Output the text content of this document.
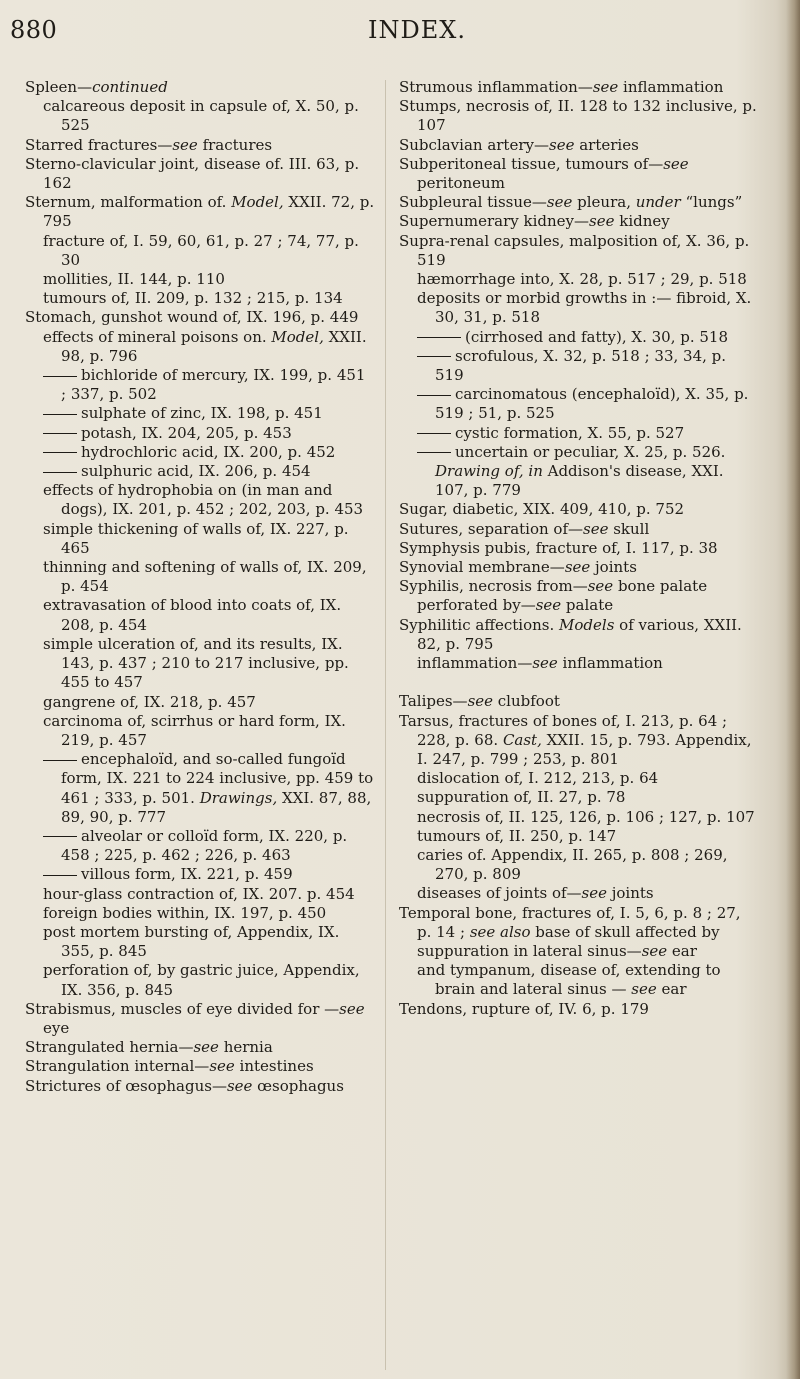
880	INDEX.

Spleen—continued

calcareous deposit in capsule of, X. 50, p. 525

Starred fractures—see fractures

Sterno-clavicular joint, disease of. III. 63, p. 162

Sternum, malformation of. Model, XXII. 72, p. 795

fracture of, I. 59, 60, 61, p. 27 ; 74, 77, p. 30

mollities, II. 144, p. 110

tumours of, II. 209, p. 132 ; 215, p. 134

Stomach, gunshot wound of, IX. 196, p. 449

effects of mineral poisons on. Model, XXII. 98, p. 796

bichloride of mercury, IX. 199, p. 451 ; 337, p. 502

sulphate of zinc, IX. 198, p. 451

potash, IX. 204, 205, p. 453

hydrochloric acid, IX. 200, p. 452

sulphuric acid, IX. 206, p. 454

effects of hydrophobia on (in man and dogs), IX. 201, p. 452 ; 202, 203, p. 453

simple thickening of walls of, IX. 227, p. 465

thinning and softening of walls of, IX. 209, p. 454

extravasation of blood into coats of, IX. 208, p. 454

simple ulceration of, and its results, IX. 143, p. 437 ; 210 to 217 inclusive, pp. 455 to 457

gangrene of, IX. 218, p. 457

carcinoma of, scirrhus or hard form, IX. 219, p. 457

encephaloïd, and so-called fungoïd form, IX. 221 to 224 inclusive, pp. 459 to 461 ; 333, p. 501. Drawings, XXI. 87, 88, 89, 90, p. 777

alveolar or colloïd form, IX. 220, p. 458 ; 225, p. 462 ; 226, p. 463

villous form, IX. 221, p. 459

hour-glass contraction of, IX. 207. p. 454

foreign bodies within, IX. 197, p. 450

post mortem bursting of, Appendix, IX. 355, p. 845

perforation of, by gastric juice, Appendix, IX. 356, p. 845

Strabismus, muscles of eye divided for —see eye

Strangulated hernia—see hernia

Strangulation internal—see intestines

Strictures of œsophagus—see œsophagus

Strumous inflammation—see inflammation

Stumps, necrosis of, II. 128 to 132 inclusive, p. 107

Subclavian artery—see arteries

Subperitoneal tissue, tumours of—see peritoneum

Subpleural tissue—see pleura, under “lungs”

Supernumerary kidney—see kidney

Supra-renal capsules, malposition of, X. 36, p. 519

hæmorrhage into, X. 28, p. 517 ; 29, p. 518

deposits or morbid growths in :— fibroid, X. 30, 31, p. 518

(cirrhosed and fatty), X. 30, p. 518

scrofulous, X. 32, p. 518 ; 33, 34, p. 519

carcinomatous (encephaloïd), X. 35, p. 519 ; 51, p. 525

cystic formation, X. 55, p. 527

uncertain or peculiar, X. 25, p. 526. Drawing of, in Addison's disease, XXI. 107, p. 779

Sugar, diabetic, XIX. 409, 410, p. 752

Sutures, separation of—see skull

Symphysis pubis, fracture of, I. 117, p. 38

Synovial membrane—see joints

Syphilis, necrosis from—see bone palate perforated by—see palate

Syphilitic affections. Models of various, XXII. 82, p. 795

inflammation—see inflammation

Talipes—see clubfoot

Tarsus, fractures of bones of, I. 213, p. 64 ; 228, p. 68. Cast, XXII. 15, p. 793. Appendix, I. 247, p. 799 ; 253, p. 801

dislocation of, I. 212, 213, p. 64

suppuration of, II. 27, p. 78

necrosis of, II. 125, 126, p. 106 ; 127, p. 107

tumours of, II. 250, p. 147

caries of. Appendix, II. 265, p. 808 ; 269, 270, p. 809

diseases of joints of—see joints

Temporal bone, fractures of, I. 5, 6, p. 8 ; 27, p. 14 ; see also base of skull affected by suppuration in lateral sinus—see ear

and tympanum, disease of, extending to brain and lateral sinus — see ear

Tendons, rupture of, IV. 6, p. 179
